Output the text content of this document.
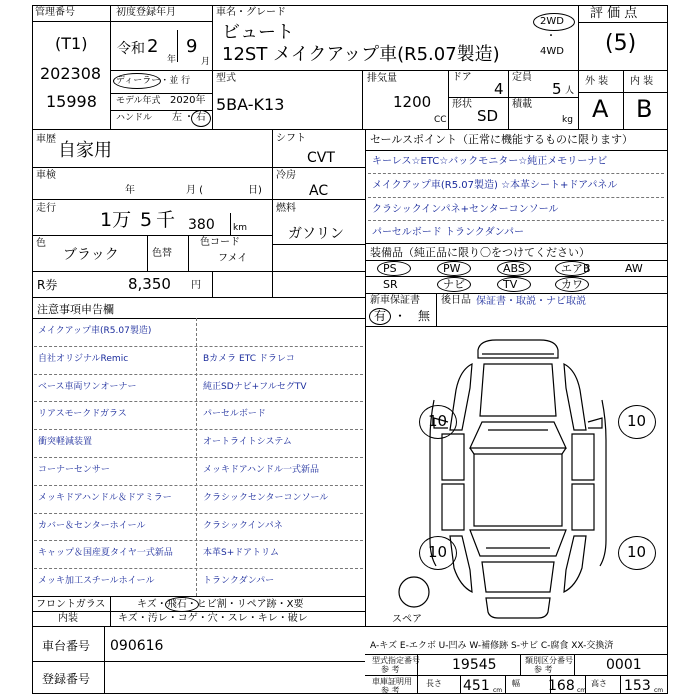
管理番号
(T1)
202308
15998
初度登録年月
令和 2
年
9
月
車名・グレード
ビュート
12ST メイクアップ車(R5.07製造)
2WD
・
4WD
評 価 点
(5)
ディーラー・並 行
モデル年式 2020年
ハンドル 左 ・ 右
型式
5BA-K13
排気量
1200
CC
ドア
4
定員
5 人
形状
SD
積載
kg
外 装 内 装
A B
車歴
自家用
車検
年	月 (	日)
走行
1万 5 千 380 km
色
ブラック	色替
色コード
フメイ
シフト
CVT
冷房
AC
燃料
ガソリン
R券	8,350 円
セールスポイント（正常に機能するものに限ります）
キーレス☆ETC☆バックモニター☆純正メモリーナビ
メイクアップ車(R5.07製造) ☆本革シート+ドアパネル
クラシックインパネ+センターコンソール
パーセルボード トランクダンパー
装備品（純正品に限り〇をつけてください）
PS	PW	ABS	エアB	AW
SR	ナビ	TV	カワ
新車保証書
有 ・ 無
後日品 保証書・取説・ナビ取説
注意事項申告欄
メイクアップ車(R5.07製造)
自社オリジナルRemic	Bカメラ ETC ドラレコ
ベース車両ワンオーナー	純正SDナビ+フルセグTV
リアスモークドガラス	パーセルボード
衝突軽減装置	オートライトシステム
コーナーセンサー	メッキドアハンドル一式新品
メッキドアハンドル＆ドアミラー	クラシックセンターコンソール
カバー＆センターホイール	クラシックインパネ
キャップ＆国産夏タイヤ一式新品	本革S+ドアトリム
メッキ加工スチールホイール	トランクダンパー
フロントガラス	キズ・飛石・ヒビ割・リペア跡・X要
内装	キズ・汚レ・コゲ・穴・スレ・キレ・破レ
10	10
10	10
スペア
A-キズ E-エクボ U-凹み W-補修跡 S-サビ C-腐食 XX-交換済
車台番号 090616
登録番号
型式指定番号
参 考	19545	類別区分番号
参 考	0001
車庫証明用
参 考
長さ 451 cm
幅 168 cm
高さ 153 cm
